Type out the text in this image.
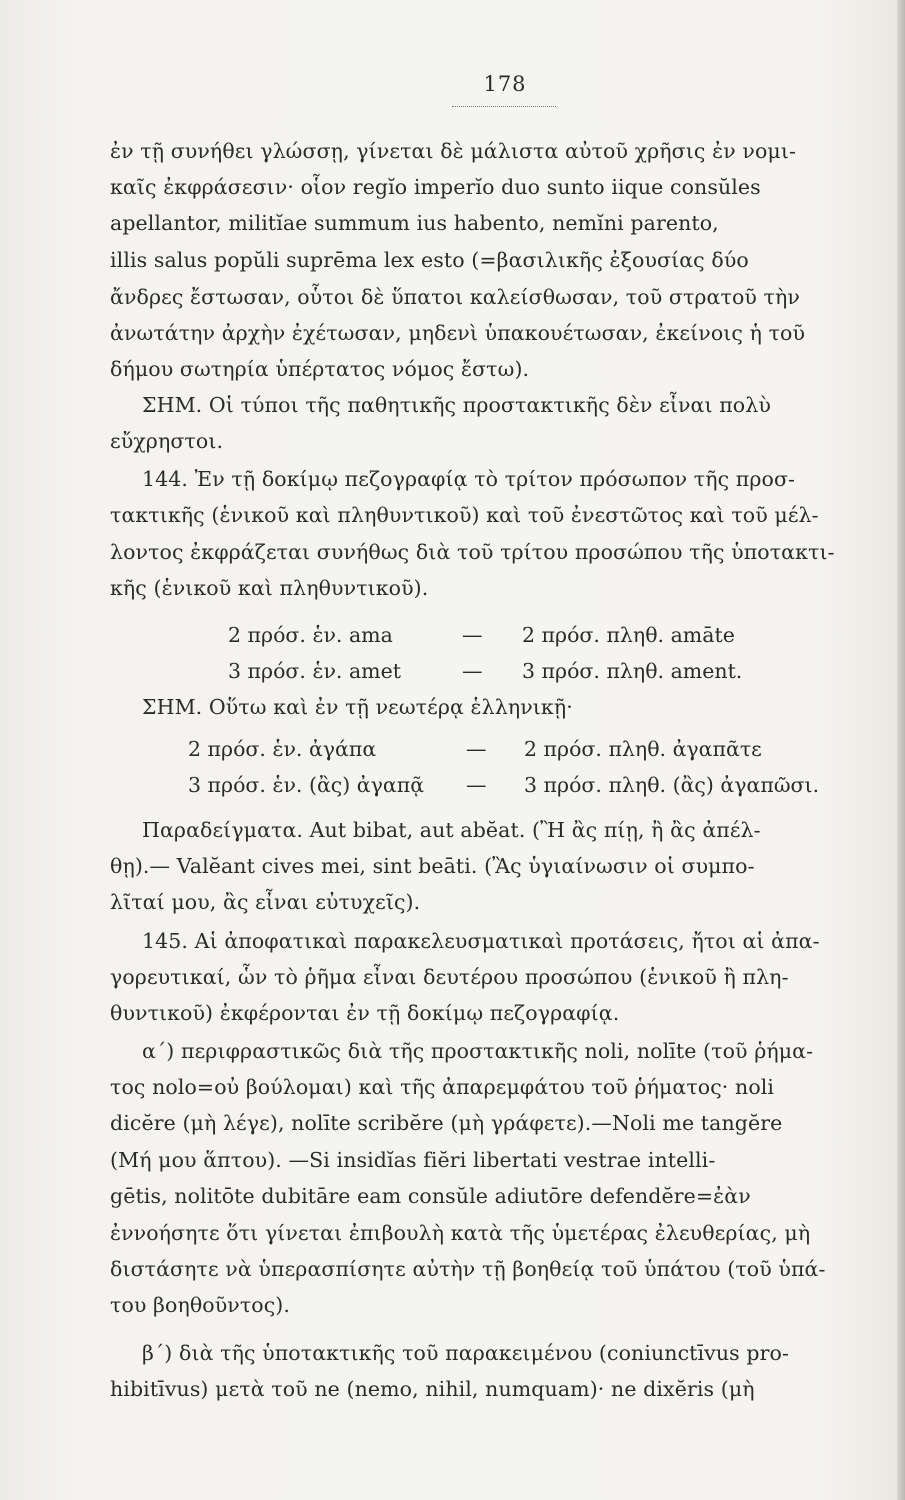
178
ἐν τῇ συνήθει γλώσσῃ, γίνεται δὲ μάλιστα αὐτοῦ χρῆσις ἐν νομι-
καῖς ἐκφράσεσιν· οἷον regĭo imperĭo duo sunto iique consŭles
apellantor, militĭae summum ius habento, nemĭni parento,
illis salus popŭli suprēma lex esto (=βασιλικῆς ἐξουσίας δύο
ἄνδρες ἔστωσαν, οὗτοι δὲ ὕπατοι καλείσθωσαν, τοῦ στρατοῦ τὴν
ἀνωτάτην ἀρχὴν ἐχέτωσαν, μηδενὶ ὑπακουέτωσαν, ἐκείνοις ἡ τοῦ
δήμου σωτηρία ὑπέρτατος νόμος ἔστω).
ΣΗΜ. Οἱ τύποι τῆς παθητικῆς προστακτικῆς δὲν εἶναι πολὺ
εὔχρηστοι.
144. Ἐν τῇ δοκίμῳ πεζογραφίᾳ τὸ τρίτον πρόσωπον τῆς προσ-
τακτικῆς (ἑνικοῦ καὶ πληθυντικοῦ) καὶ τοῦ ἐνεστῶτος καὶ τοῦ μέλ-
λοντος ἐκφράζεται συνήθως διὰ τοῦ τρίτου προσώπου τῆς ὑποτακτι-
κῆς (ἑνικοῦ καὶ πληθυντικοῦ).
2 πρόσ. ἑν. ama	— 2 πρόσ. πληθ. amāte
3 πρόσ. ἑν. amet	— 3 πρόσ. πληθ. ament.
ΣΗΜ. Οὕτω καὶ ἐν τῇ νεωτέρᾳ ἑλληνικῇ·
2 πρόσ. ἑν. ἀγάπα	— 2 πρόσ. πληθ. ἀγαπᾶτε
3 πρόσ. ἑν. (ἂς) ἀγαπᾷ — 3 πρόσ. πληθ. (ἂς) ἀγαπῶσι.
Παραδείγματα. Aut bibat, aut abĕat. (Ἢ ἂς πίῃ, ἢ ἂς ἀπέλ-
θῃ).— Valĕant cives mei, sint beāti. (Ἂς ὑγιαίνωσιν οἱ συμπο-
λῖταί μου, ἂς εἶναι εὐτυχεῖς).
145. Αἱ ἀποφατικαὶ παρακελευσματικαὶ προτάσεις, ἤτοι αἱ ἀπα-
γορευτικαί, ὧν τὸ ῥῆμα εἶναι δευτέρου προσώπου (ἑνικοῦ ἢ πλη-
θυντικοῦ) ἐκφέρονται ἐν τῇ δοκίμῳ πεζογραφίᾳ.
α΄) περιφραστικῶς διὰ τῆς προστακτικῆς noli, nolīte (τοῦ ῥήμα-
τος nolo=οὐ βούλομαι) καὶ τῆς ἀπαρεμφάτου τοῦ ῥήματος· noli
dicĕre (μὴ λέγε), nolīte scribĕre (μὴ γράφετε).—Noli me tangĕre
(Μή μου ἅπτου). —Si insidĭas fiĕri libertati vestrae intelli-
gētis, nolitōte dubitāre eam consŭle adiutōre defendĕre=ἐὰν
ἐννοήσητε ὅτι γίνεται ἐπιβουλὴ κατὰ τῆς ὑμετέρας ἐλευθερίας, μὴ
διστάσητε νὰ ὑπερασπίσητε αὐτὴν τῇ βοηθείᾳ τοῦ ὑπάτου (τοῦ ὑπά-
του βοηθοῦντος).
β΄) διὰ τῆς ὑποτακτικῆς τοῦ παρακειμένου (coniunctīvus pro-
hibitīvus) μετὰ τοῦ ne (nemo, nihil, numquam)· ne dixĕris (μὴ
